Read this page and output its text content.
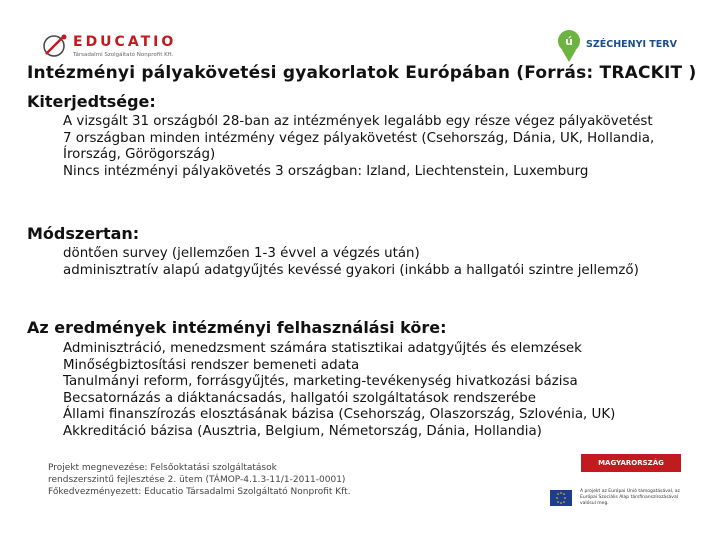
EDUCATIO
Társadalmi Szolgáltató Nonprofit Kft.
ú SZÉCHENYI TERV
Intézményi pályakövetési gyakorlatok Európában (Forrás: TRACKIT )
Kiterjedtsége:
A vizsgált 31 országból 28-ban az intézmények legalább egy része végez pályakövetést
7 országban minden intézmény végez pályakövetést (Csehország, Dánia, UK, Hollandia, Írország, Görögország)
Nincs intézményi pályakövetés 3 országban: Izland, Liechtenstein, Luxemburg
Módszertan:
döntően survey (jellemzően 1-3 évvel a végzés után)
adminisztratív alapú adatgyűjtés kevéssé gyakori (inkább a hallgatói szintre jellemző)
Az eredmények intézményi felhasználási köre:
Adminisztráció, menedzsment számára statisztikai adatgyűjtés és elemzések
Minőségbiztosítási rendszer bemeneti adata
Tanulmányi reform, forrásgyűjtés, marketing-tevékenység hivatkozási bázisa
Becsatornázás a diáktanácsadás, hallgatói szolgáltatások rendszerébe
Állami finanszírozás elosztásának bázisa (Csehország, Olaszország, Szlovénia, UK)
Akkreditáció bázisa (Ausztria, Belgium, Németország, Dánia, Hollandia)
Projekt megnevezése: Felsőoktatási szolgáltatások
rendszerszintű fejlesztése 2. ütem (TÁMOP-4.1.3-11/1-2011-0001)
Főkedvezményezett: Educatio Társadalmi Szolgáltató Nonprofit Kft.
MAGYARORSZÁG MEGÚJUL
A projekt az Európai Unió támogatásával, az Európai Szociális Alap társfinanszírozásával valósul meg.
